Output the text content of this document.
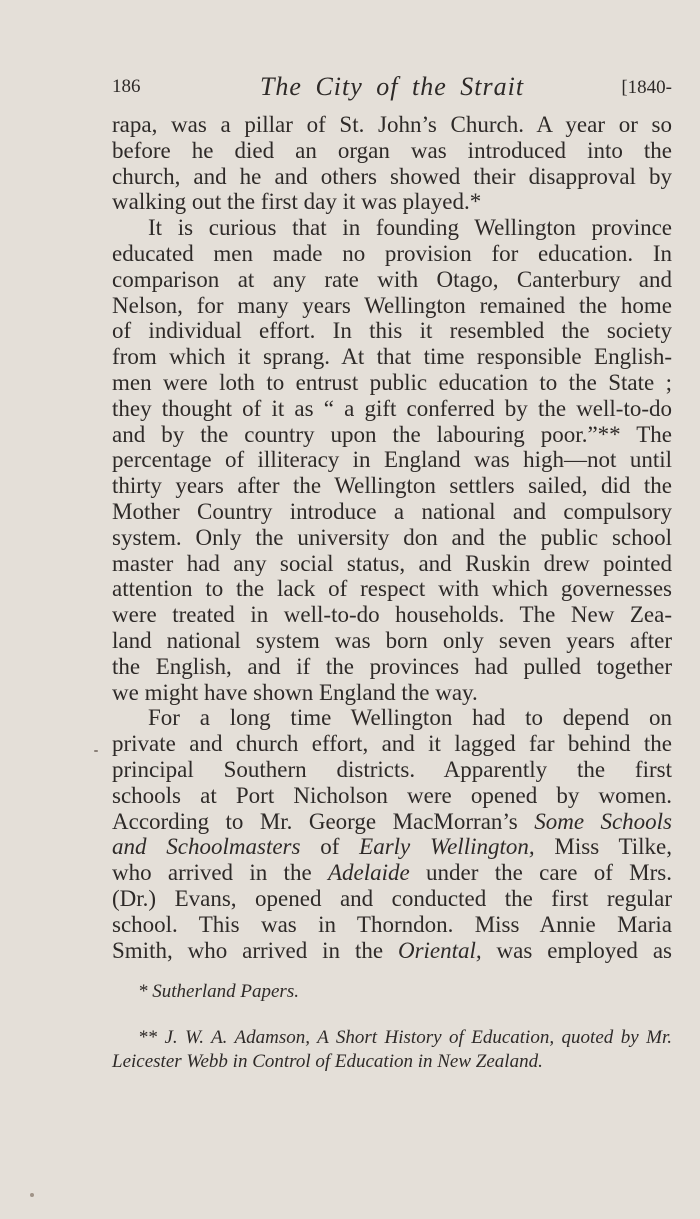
186	The City of the Strait	[1840-
rapa, was a pillar of St. John’s Church. A year or so
before he died an organ was introduced into the
church, and he and others showed their disapproval by
walking out the first day it was played.*
It is curious that in founding Wellington province
educated men made no provision for education. In
comparison at any rate with Otago, Canterbury and
Nelson, for many years Wellington remained the home
of individual effort. In this it resembled the society
from which it sprang. At that time responsible English-
men were loth to entrust public education to the State ;
they thought of it as “ a gift conferred by the well-to-do
and by the country upon the labouring poor.”** The
percentage of illiteracy in England was high—not until
thirty years after the Wellington settlers sailed, did the
Mother Country introduce a national and compulsory
system. Only the university don and the public school
master had any social status, and Ruskin drew pointed
attention to the lack of respect with which governesses
were treated in well-to-do households. The New Zea-
land national system was born only seven years after
the English, and if the provinces had pulled together
we might have shown England the way.
For a long time Wellington had to depend on
private and church effort, and it lagged far behind the
principal Southern districts. Apparently the first
schools at Port Nicholson were opened by women.
According to Mr. George MacMorran’s Some Schools
and Schoolmasters of Early Wellington, Miss Tilke,
who arrived in the Adelaide under the care of Mrs.
(Dr.) Evans, opened and conducted the first regular
school. This was in Thorndon. Miss Annie Maria
Smith, who arrived in the Oriental, was employed as
* Sutherland Papers.
** J. W. A. Adamson, A Short History of Education, quoted by Mr.
Leicester Webb in Control of Education in New Zealand.
